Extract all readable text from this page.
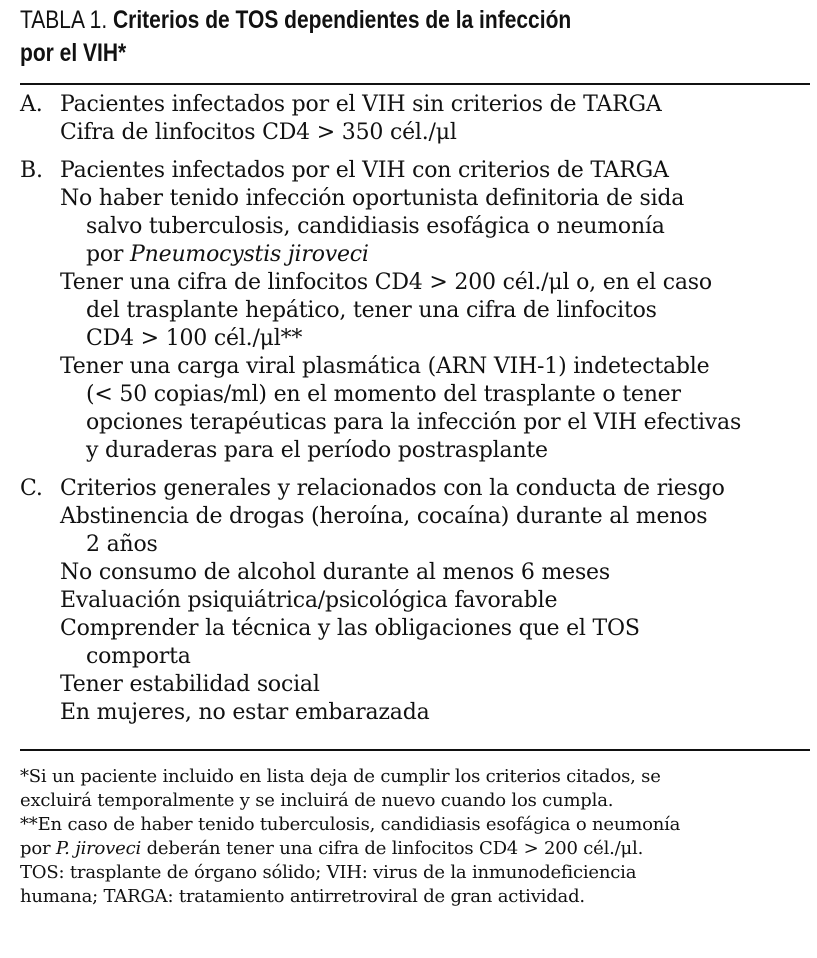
TABLA 1. Criterios de TOS dependientes de la infección
por el VIH*
A. Pacientes infectados por el VIH sin criterios de TARGA
Cifra de linfocitos CD4 > 350 cél./μl
B. Pacientes infectados por el VIH con criterios de TARGA
No haber tenido infección oportunista definitoria de sida
salvo tuberculosis, candidiasis esofágica o neumonía
por Pneumocystis jiroveci
Tener una cifra de linfocitos CD4 > 200 cél./μl o, en el caso
del trasplante hepático, tener una cifra de linfocitos
CD4 > 100 cél./μl**
Tener una carga viral plasmática (ARN VIH-1) indetectable
(< 50 copias/ml) en el momento del trasplante o tener
opciones terapéuticas para la infección por el VIH efectivas
y duraderas para el período postrasplante
C. Criterios generales y relacionados con la conducta de riesgo
Abstinencia de drogas (heroína, cocaína) durante al menos
2 años
No consumo de alcohol durante al menos 6 meses
Evaluación psiquiátrica/psicológica favorable
Comprender la técnica y las obligaciones que el TOS
comporta
Tener estabilidad social
En mujeres, no estar embarazada
*Si un paciente incluido en lista deja de cumplir los criterios citados, se
excluirá temporalmente y se incluirá de nuevo cuando los cumpla.
**En caso de haber tenido tuberculosis, candidiasis esofágica o neumonía
por P. jiroveci deberán tener una cifra de linfocitos CD4 > 200 cél./μl.
TOS: trasplante de órgano sólido; VIH: virus de la inmunodeficiencia
humana; TARGA: tratamiento antirretroviral de gran actividad.
